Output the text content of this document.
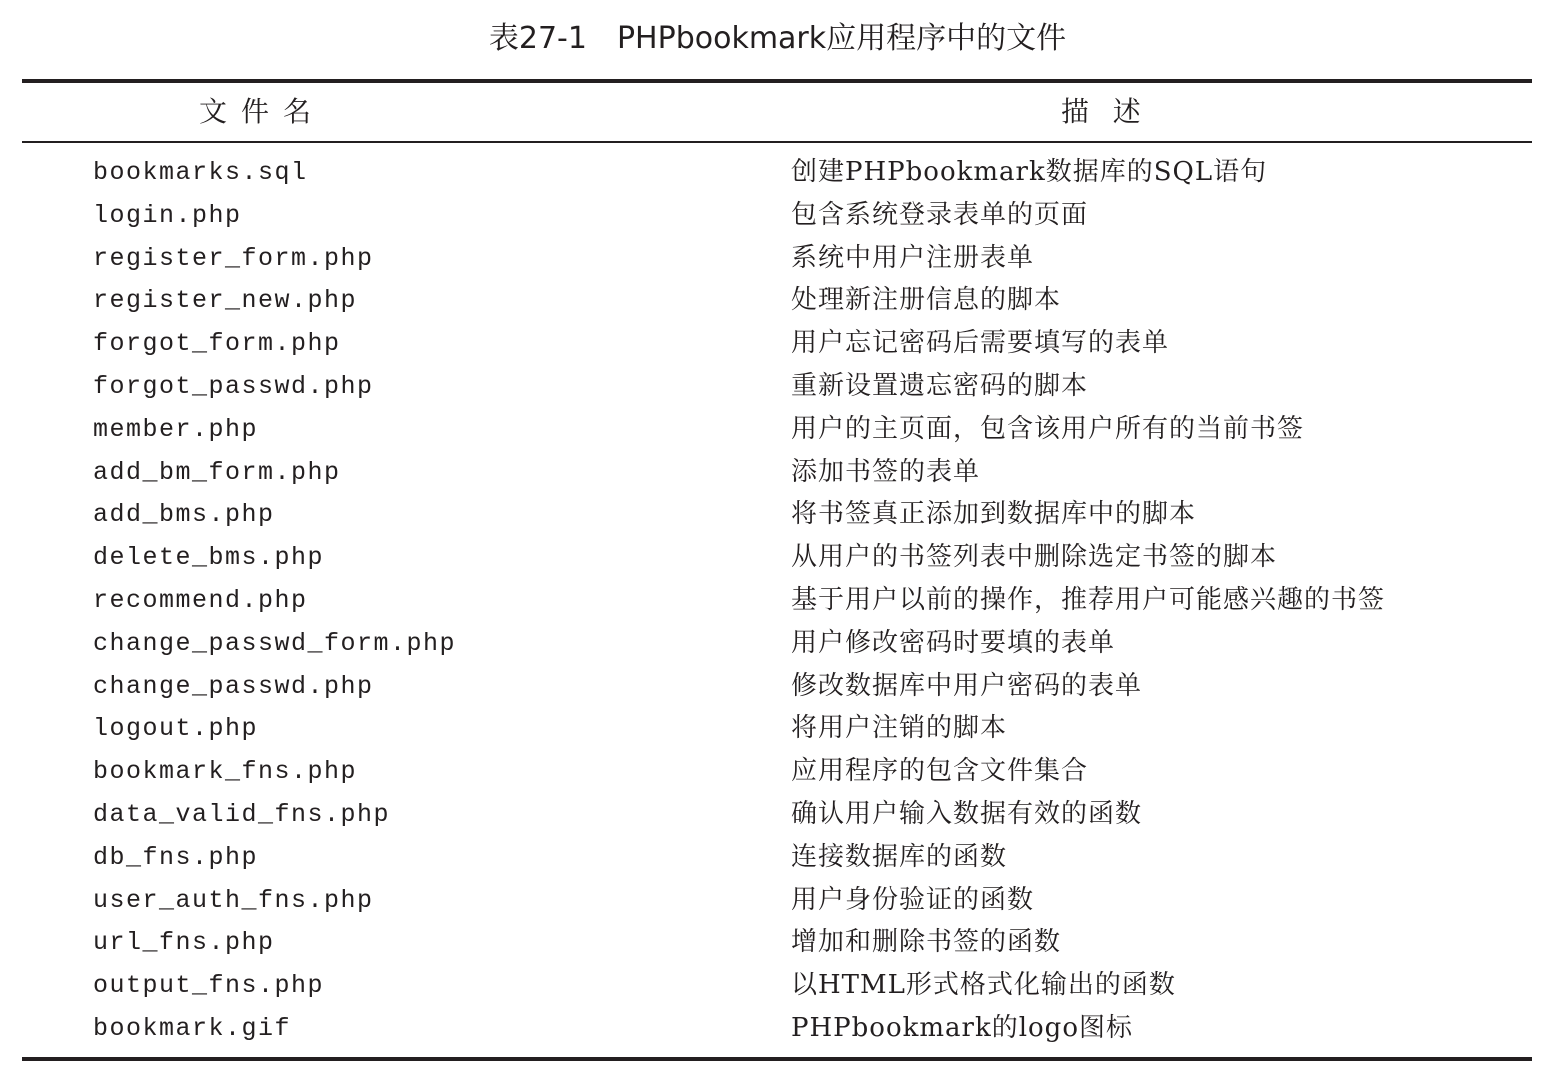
表27-1 PHPbookmark应用程序中的文件
文件名	描  述
bookmarks.sql	创建PHPbookmark数据库的SQL语句
login.php	包含系统登录表单的页面
register_form.php	系统中用户注册表单
register_new.php	处理新注册信息的脚本
forgot_form.php	用户忘记密码后需要填写的表单
forgot_passwd.php	重新设置遗忘密码的脚本
member.php	用户的主页面，包含该用户所有的当前书签
add_bm_form.php	添加书签的表单
add_bms.php	将书签真正添加到数据库中的脚本
delete_bms.php	从用户的书签列表中删除选定书签的脚本
recommend.php	基于用户以前的操作，推荐用户可能感兴趣的书签
change_passwd_form.php	用户修改密码时要填的表单
change_passwd.php	修改数据库中用户密码的表单
logout.php	将用户注销的脚本
bookmark_fns.php	应用程序的包含文件集合
data_valid_fns.php	确认用户输入数据有效的函数
db_fns.php	连接数据库的函数
user_auth_fns.php	用户身份验证的函数
url_fns.php	增加和删除书签的函数
output_fns.php	以HTML形式格式化输出的函数
bookmark.gif	PHPbookmark的logo图标
